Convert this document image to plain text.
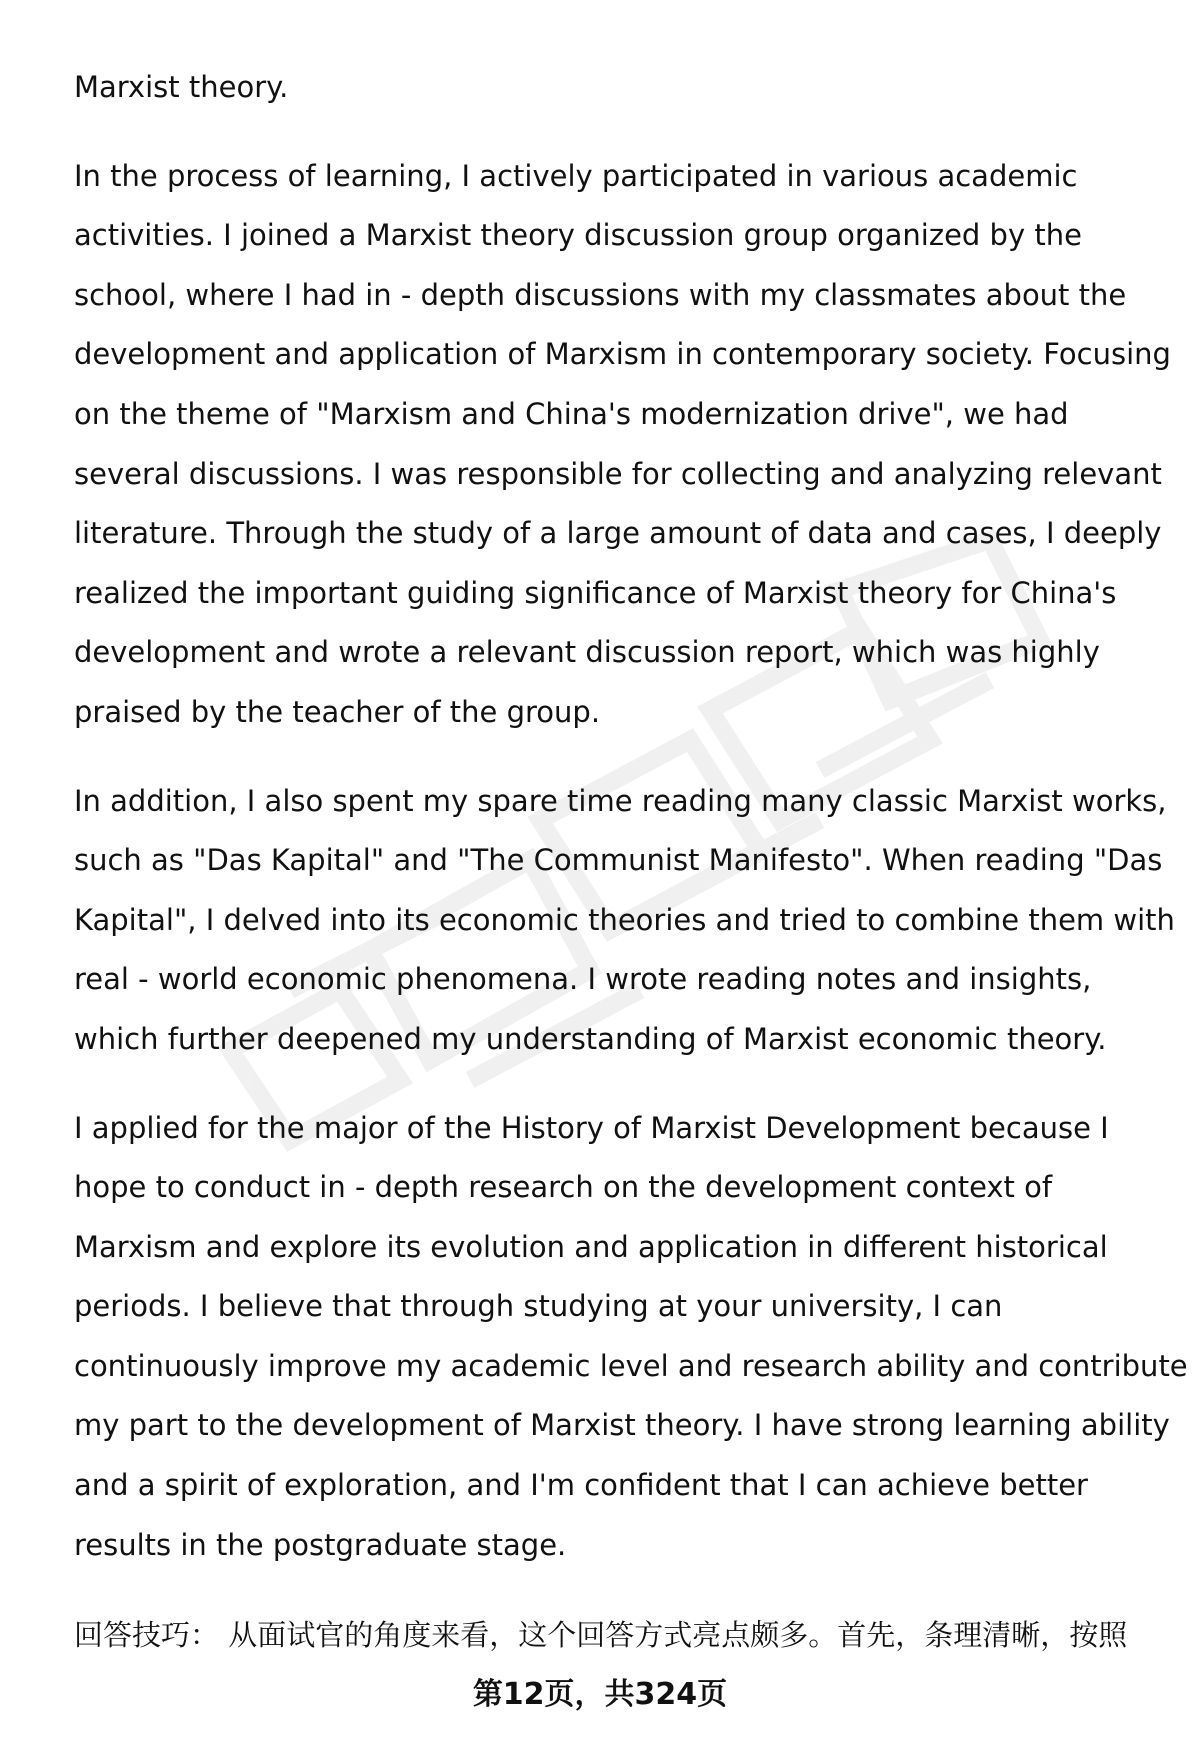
Marxist theory.

In the process of learning, I actively participated in various academic

activities. I joined a Marxist theory discussion group organized by the

school, where I had in - depth discussions with my classmates about the

development and application of Marxism in contemporary society. Focusing

on the theme of "Marxism and China's modernization drive", we had

several discussions. I was responsible for collecting and analyzing relevant

literature. Through the study of a large amount of data and cases, I deeply

realized the important guiding significance of Marxist theory for China's

development and wrote a relevant discussion report, which was highly

praised by the teacher of the group.

In addition, I also spent my spare time reading many classic Marxist works,

such as "Das Kapital" and "The Communist Manifesto". When reading "Das

Kapital", I delved into its economic theories and tried to combine them with

real - world economic phenomena. I wrote reading notes and insights,

which further deepened my understanding of Marxist economic theory.

I applied for the major of the History of Marxist Development because I

hope to conduct in - depth research on the development context of

Marxism and explore its evolution and application in different historical

periods. I believe that through studying at your university, I can

continuously improve my academic level and research ability and contribute

my part to the development of Marxist theory. I have strong learning ability

and a spirit of exploration, and I'm confident that I can achieve better

results in the postgraduate stage.

回答技巧： 从面试官的角度来看，这个回答方式亮点颇多。首先，条理清晰，按照
第12页，共324页
